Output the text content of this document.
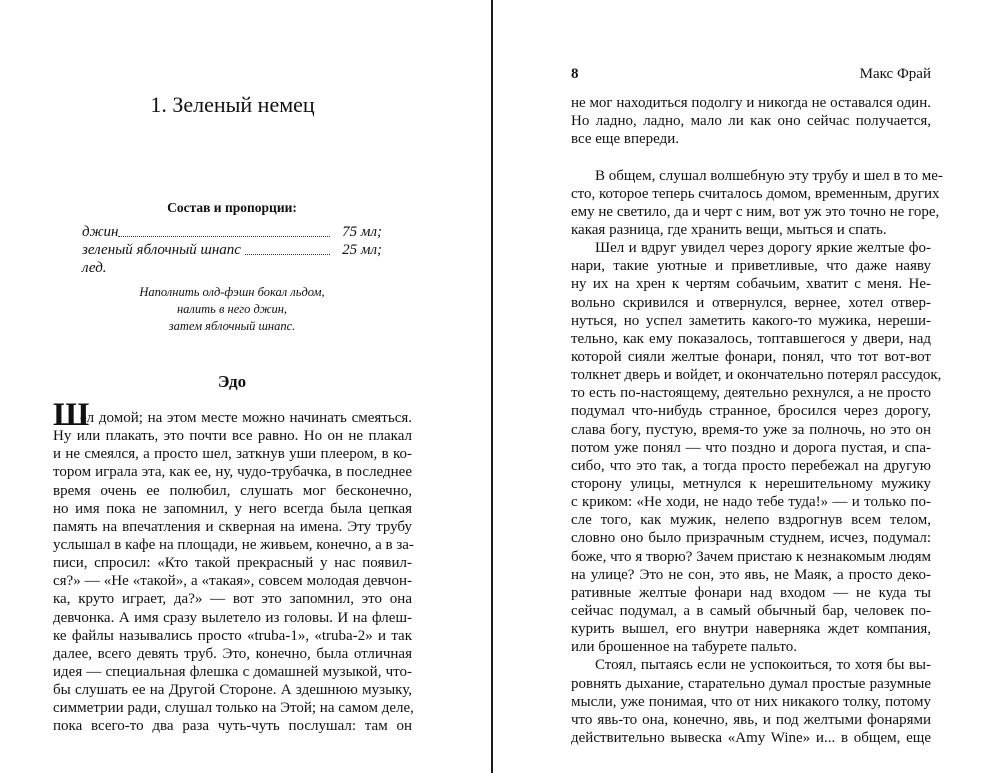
1. Зеленый немец
Состав и пропорции:
джин	75 мл;
зеленый яблочный шнапс	25 мл;
лед.
Наполнить олд-фэшн бокал льдом,
налить в него джин,
затем яблочный шнапс.
Эдо
Ш
ел домой; на этом месте можно начинать смеяться.
Ну или плакать, это почти все равно. Но он не плакал
и не смеялся, а просто шел, заткнув уши плеером, в ко-
тором играла эта, как ее, ну, чудо-трубачка, в последнее
время очень ее полюбил, слушать мог бесконечно,
но имя пока не запомнил, у него всегда была цепкая
память на впечатления и скверная на имена. Эту трубу
услышал в кафе на площади, не живьем, конечно, а в за-
писи, спросил: «Кто такой прекрасный у нас появил-
ся?» — «Не «такой», а «такая», совсем молодая девчон-
ка, круто играет, да?» — вот это запомнил, это она
девчонка. А имя сразу вылетело из головы. И на флеш-
ке файлы назывались просто «truba-1», «truba-2» и так
далее, всего девять труб. Это, конечно, была отличная
идея — специальная флешка с домашней музыкой, что-
бы слушать ее на Другой Стороне. А здешнюю музыку,
симметрии ради, слушал только на Этой; на самом деле,
пока всего-то два раза чуть-чуть послушал: там он
8	Макс Фрай
не мог находиться подолгу и никогда не оставался один.
Но ладно, ладно, мало ли как оно сейчас получается,
все еще впереди.
В общем, слушал волшебную эту трубу и шел в то ме-
сто, которое теперь считалось домом, временным, других
ему не светило, да и черт с ним, вот уж это точно не горе,
какая разница, где хранить вещи, мыться и спать.
Шел и вдруг увидел через дорогу яркие желтые фо-
нари, такие уютные и приветливые, что даже наяву
ну их на хрен к чертям собачьим, хватит с меня. Не-
вольно скривился и отвернулся, вернее, хотел отвер-
нуться, но успел заметить какого-то мужика, нереши-
тельно, как ему показалось, топтавшегося у двери, над
которой сияли желтые фонари, понял, что тот вот-вот
толкнет дверь и войдет, и окончательно потерял рассудок,
то есть по-настоящему, деятельно рехнулся, а не просто
подумал что-нибудь странное, бросился через дорогу,
слава богу, пустую, время-то уже за полночь, но это он
потом уже понял — что поздно и дорога пустая, и спа-
сибо, что это так, а тогда просто перебежал на другую
сторону улицы, метнулся к нерешительному мужику
с криком: «Не ходи, не надо тебе туда!» — и только по-
сле того, как мужик, нелепо вздрогнув всем телом,
словно оно было призрачным студнем, исчез, подумал:
боже, что я творю? Зачем пристаю к незнакомым людям
на улице? Это не сон, это явь, не Маяк, а просто деко-
ративные желтые фонари над входом — не куда ты
сейчас подумал, а в самый обычный бар, человек по-
курить вышел, его внутри наверняка ждет компания,
или брошенное на табурете пальто.
Стоял, пытаясь если не успокоиться, то хотя бы вы-
ровнять дыхание, старательно думал простые разумные
мысли, уже понимая, что от них никакого толку, потому
что явь-то она, конечно, явь, и под желтыми фонарями
действительно вывеска «Amy Wine» и... в общем, еще
